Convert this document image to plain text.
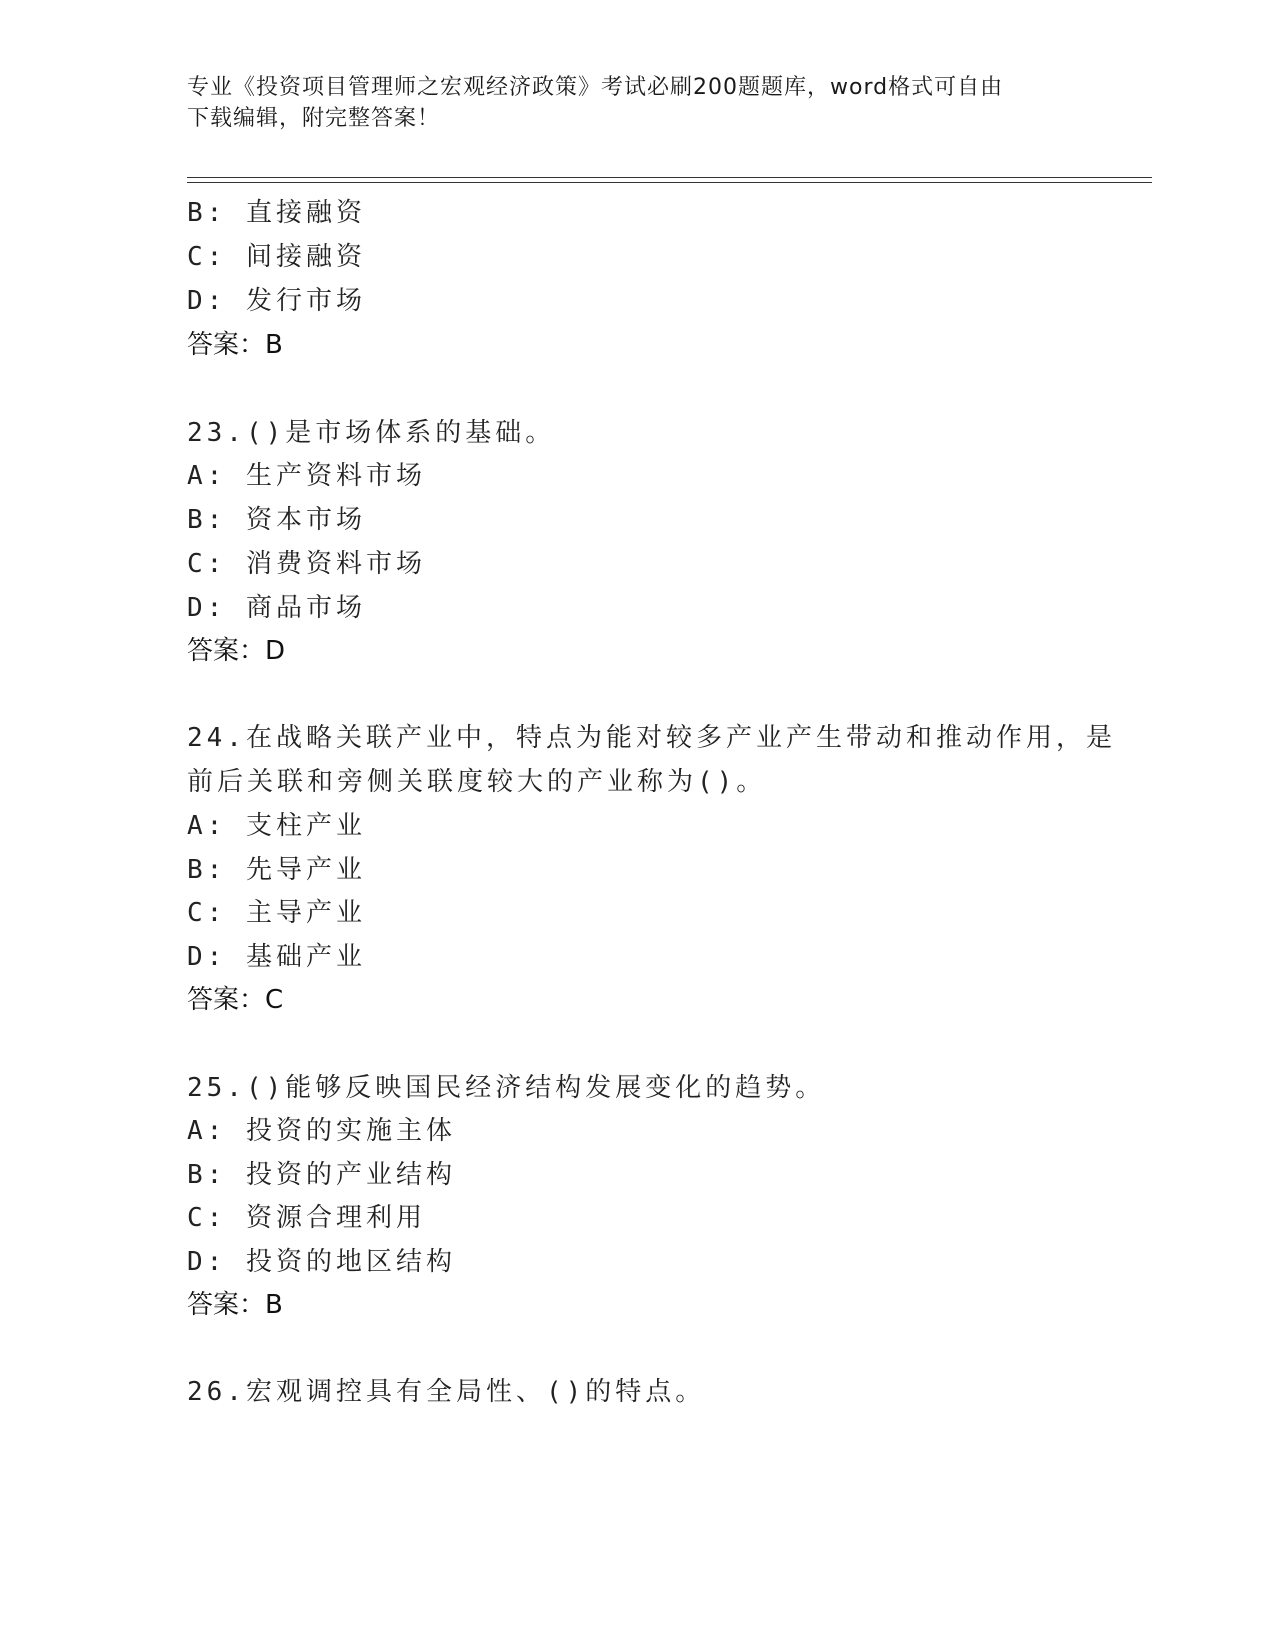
专业《投资项目管理师之宏观经济政策》考试必刷200题题库，word格式可自由
下载编辑，附完整答案！
B: 直接融资
C: 间接融资
D: 发行市场
答案：B
23.()是市场体系的基础。
A: 生产资料市场
B: 资本市场
C: 消费资料市场
D: 商品市场
答案：D
24.在战略关联产业中，特点为能对较多产业产生带动和推动作用，是
前后关联和旁侧关联度较大的产业称为()。
A: 支柱产业
B: 先导产业
C: 主导产业
D: 基础产业
答案：C
25.()能够反映国民经济结构发展变化的趋势。
A: 投资的实施主体
B: 投资的产业结构
C: 资源合理利用
D: 投资的地区结构
答案：B
26.宏观调控具有全局性、()的特点。
